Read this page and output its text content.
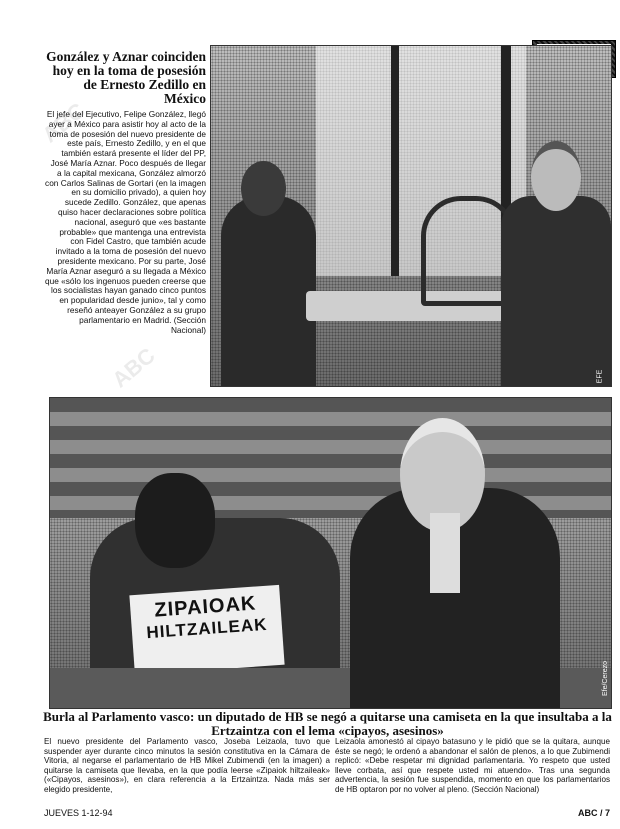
ABC
ABC
González y Aznar coinciden hoy en la toma de posesión de Ernesto Zedillo en México
El jefe del Ejecutivo, Felipe González, llegó ayer a México para asistir hoy al acto de la toma de posesión del nuevo presidente de este país, Ernesto Zedillo, y en el que también estará presente el líder del PP, José María Aznar. Poco después de llegar a la capital mexicana, González almorzó con Carlos Salinas de Gortari (en la imagen en su domicilio privado), a quien hoy sucede Zedillo. González, que apenas quiso hacer declaraciones sobre política nacional, aseguró que «es bastante probable» que mantenga una entrevista con Fidel Castro, que también acude invitado a la toma de posesión del nuevo presidente mexicano. Por su parte, José María Aznar aseguró a su llegada a México que «sólo los ingenuos pueden creerse que los socialistas hayan ganado cinco puntos en popularidad desde junio», tal y como reseñó anteayer González a su grupo parlamentario en Madrid. (Sección Nacional)
EFE
ZIPAIOAK
HILTZAILEAK
Efe/Cerezo
Burla al Parlamento vasco: un diputado de HB se negó a quitarse una camiseta en la que insultaba a la Ertzaintza con el lema «cipayos, asesinos»
El nuevo presidente del Parlamento vasco, Joseba Leizaola, tuvo que suspender ayer durante cinco minutos la sesión constitutiva en la Cámara de Vitoria, al negarse el parlamentario de HB Mikel Zubimendi (en la imagen) a quitarse la camiseta que llevaba, en la que podía leerse «Zipaiok hiltzaileak» («Cipayos, asesinos»), en clara referencia a la Ertzaintza. Nada más ser elegido presidente,
Leizaola amonestó al cipayo batasuno y le pidió que se la quitara, aunque éste se negó; le ordenó a abandonar el salón de plenos, a lo que Zubimendi replicó: «Debe respetar mi dignidad parlamentaria. Yo respeto que usted lleve corbata, así que respete usted mi atuendo». Tras una segunda advertencia, la sesión fue suspendida, momento en que los parlamentarios de HB optaron por no volver al pleno. (Sección Nacional)
JUEVES 1-12-94	ABC / 7
